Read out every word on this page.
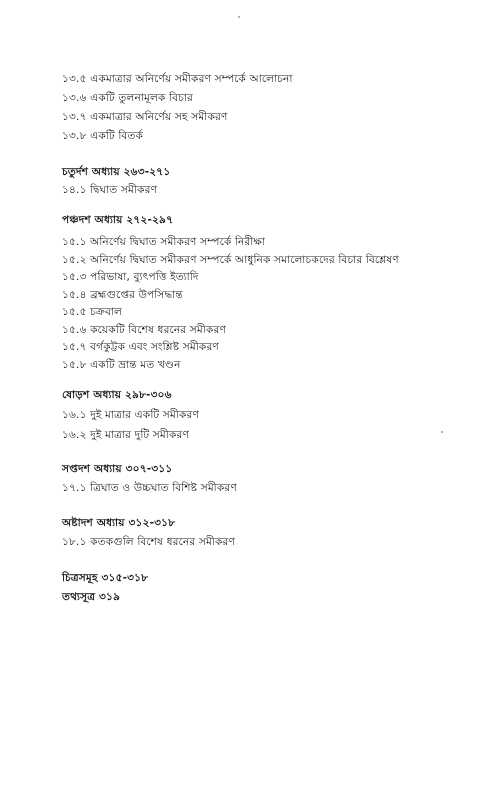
১৩.৫ একমাত্রার অনির্ণেয় সমীকরণ সম্পর্কে আলোচনা
১৩.৬ একটি তুলনামূলক বিচার
১৩.৭ একমাত্রার অনির্ণেয় সহ সমীকরণ
১৩.৮ একটি বিতর্ক
চতুর্দশ অধ্যায় ২৬৩-২৭১
১৪.১ দ্বিঘাত সমীকরণ
পঞ্চদশ অধ্যায় ২৭২-২৯৭
১৫.১ অনির্ণেয় দ্বিঘাত সমীকরণ সম্পর্কে নিরীক্ষা
১৫.২ অনির্ণেয় দ্বিঘাত সমীকরণ সম্পর্কে আধুনিক সমালোচকদের বিচার বিশ্লেষণ
১৫.৩ পরিভাষা, ব্যুৎপত্তি ইত্যাদি
১৫.৪ ব্রহ্মগুপ্তের উপসিদ্ধান্ত
১৫.৫ চক্রবাল
১৫.৬ কয়েকটি বিশেষ ধরনের সমীকরণ
১৫.৭ বর্গকুট্টক এবং সংশ্লিষ্ট সমীকরণ
১৫.৮ একটি ভ্রান্ত মত খণ্ডন
ষোড়শ অধ্যায় ২৯৮-৩০৬
১৬.১ দুই মাত্রার একটি সমীকরণ
১৬.২ দুই মাত্রার দুটি সমীকরণ
সপ্তদশ অধ্যায় ৩০৭-৩১১
১৭.১ ত্রিঘাত ও উচ্চঘাত বিশিষ্ট সমীকরণ
অষ্টাদশ অধ্যায় ৩১২-৩১৮
১৮.১ কতকগুলি বিশেষ ধরনের সমীকরণ
চিত্রসমূহ ৩১৫-৩১৮
তথ্যসূত্র ৩১৯
